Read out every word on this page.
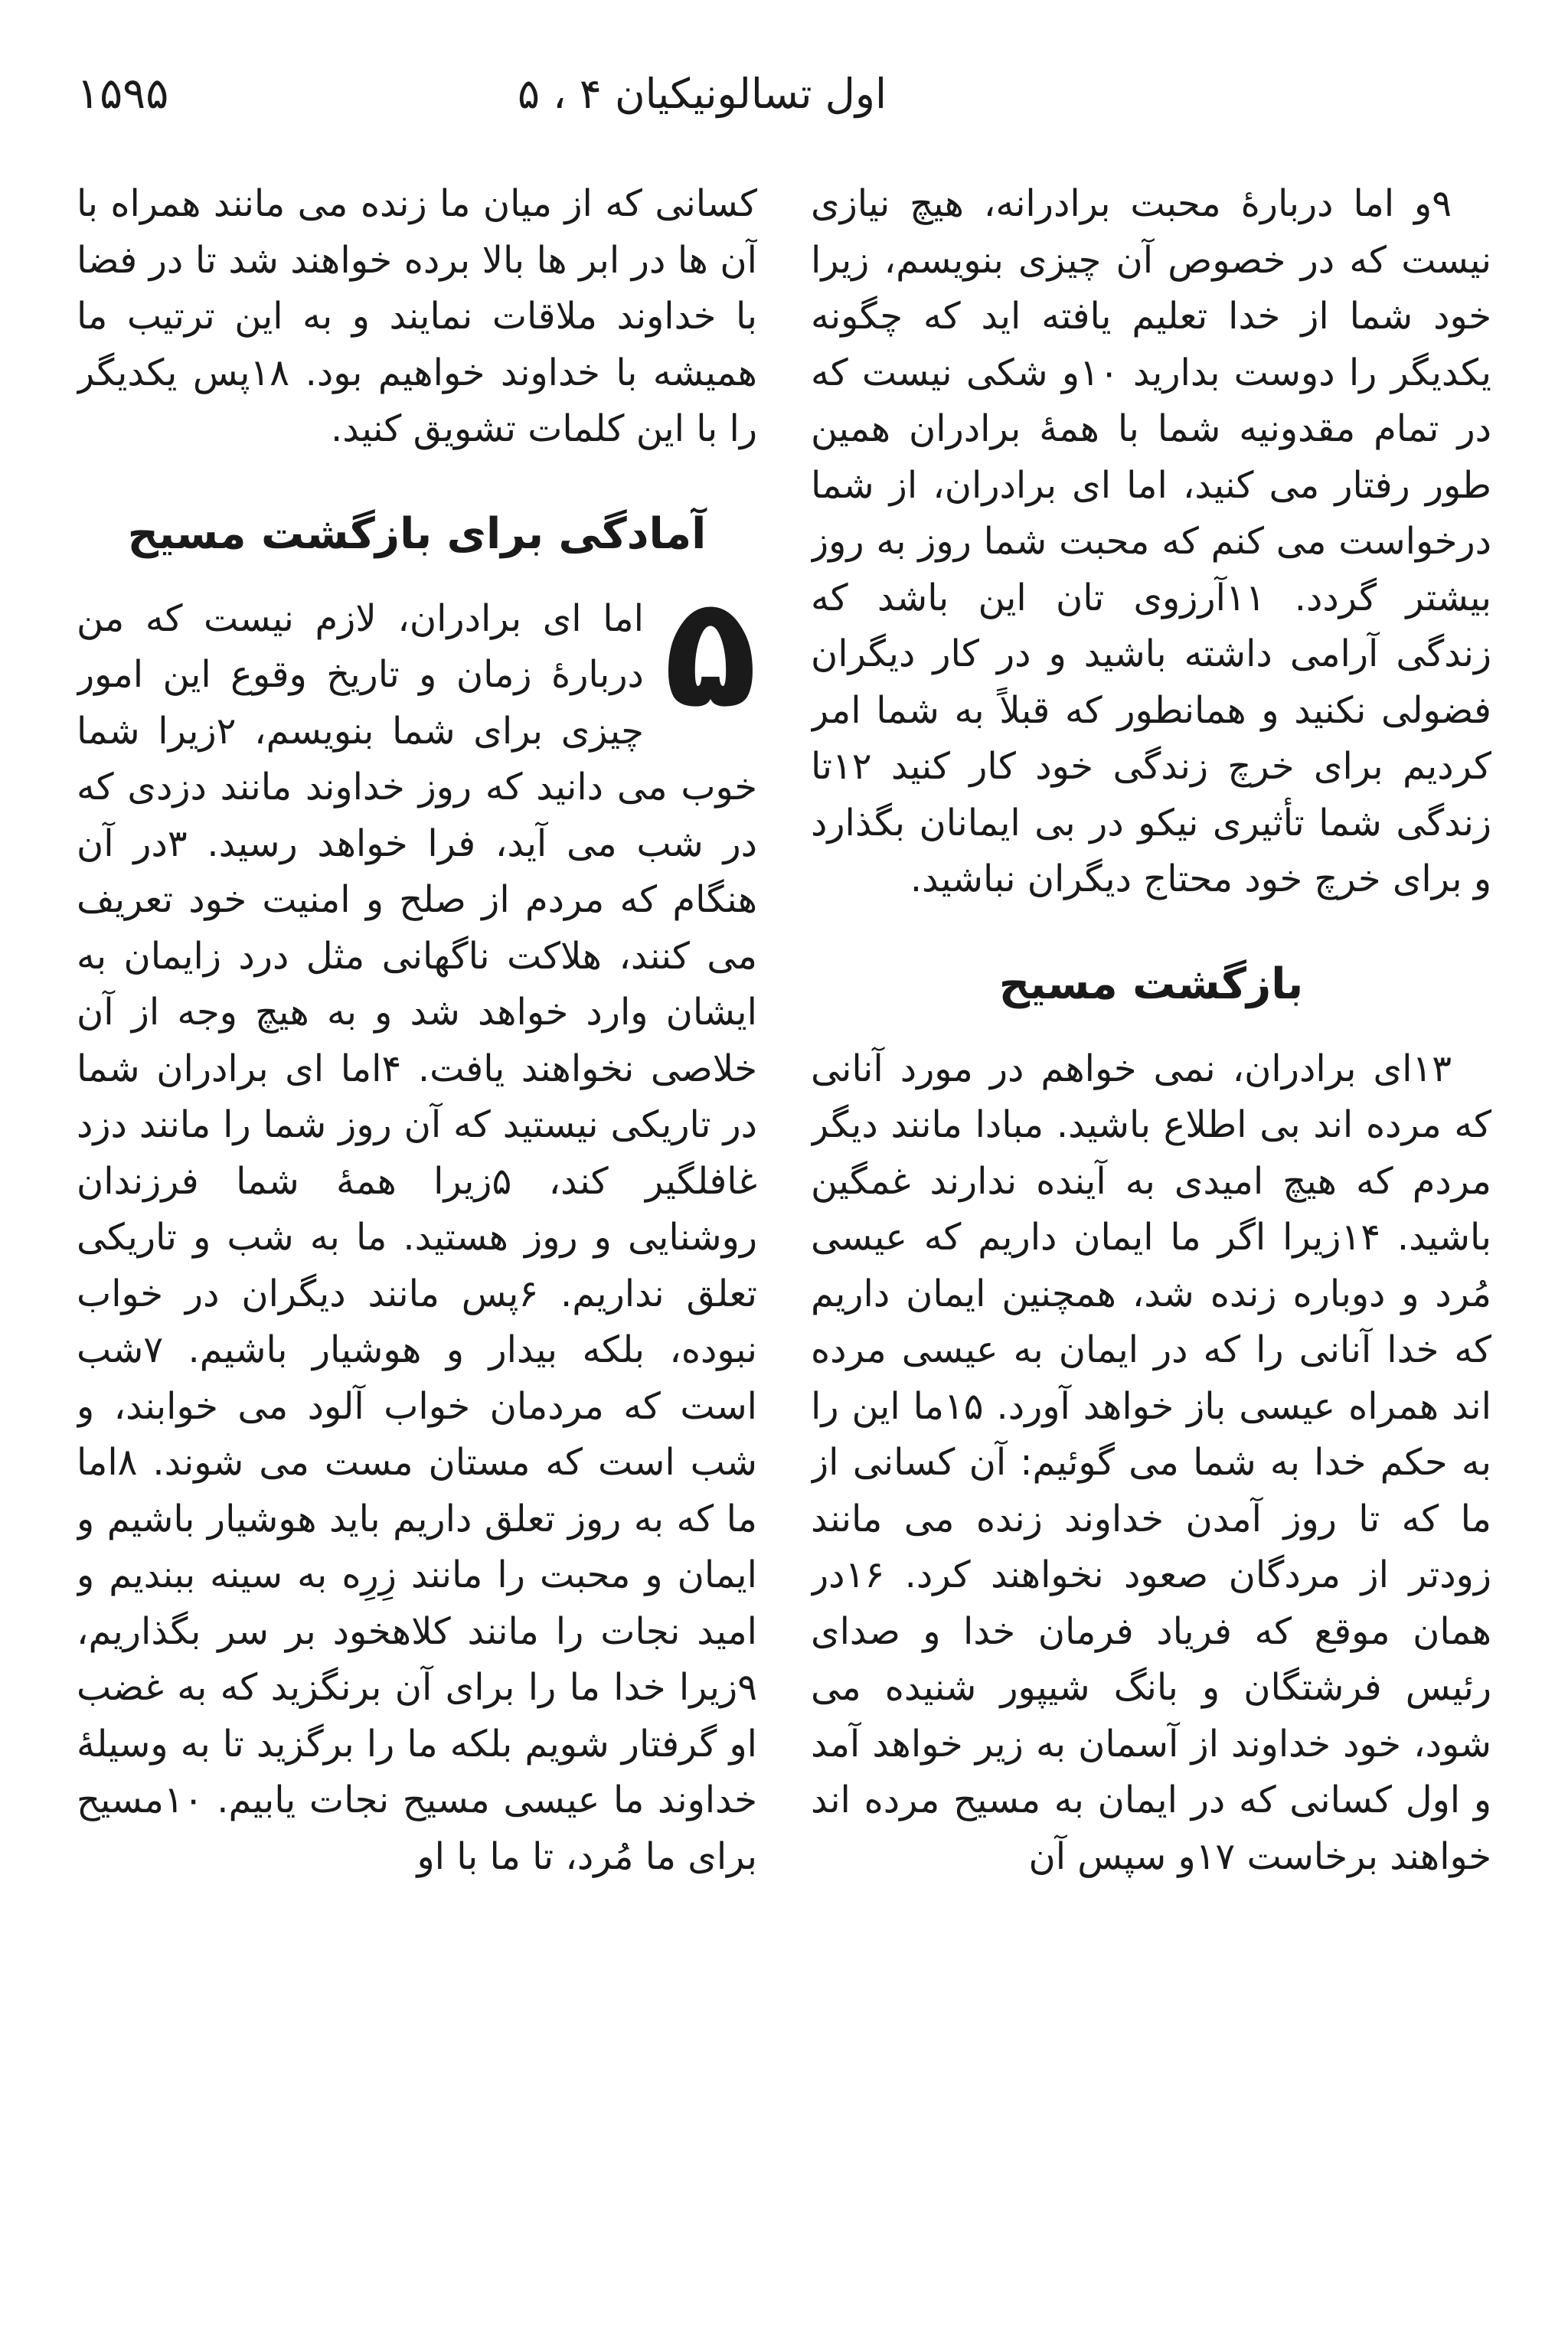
اول تسالونیکیان ۴ ، ۵
۱۵۹۵

۹و اما دربارهٔ محبت برادرانه، هیچ نیازی نیست که در خصوص آن چیزی بنویسم، زیرا خود شما از خدا تعلیم یافته اید که چگونه یکدیگر را دوست بدارید ۱۰و شکی نیست که در تمام مقدونیه شما با همهٔ برادران همین طور رفتار می کنید، اما ای برادران، از شما درخواست می کنم که محبت شما روز به روز بیشتر گردد. ۱۱آرزوی تان این باشد که زندگی آرامی داشته باشید و در کار دیگران فضولی نکنید و همانطور که قبلاً به شما امر کردیم برای خرچ زندگی خود کار کنید ۱۲تا زندگی شما تأثیری نیکو در بی ایمانان بگذارد و برای خرچ خود محتاج دیگران نباشید.

بازگشت مسیح

۱۳ای برادران، نمی خواهم در مورد آنانی که مرده اند بی اطلاع باشید. مبادا مانند دیگر مردم که هیچ امیدی به آینده ندارند غمگین باشید. ۱۴زیرا اگر ما ایمان داریم که عیسی مُرد و دوباره زنده شد، همچنین ایمان داریم که خدا آنانی را که در ایمان به عیسی مرده اند همراه عیسی باز خواهد آورد. ۱۵ما این را به حکم خدا به شما می گوئیم: آن کسانی از ما که تا روز آمدن خداوند زنده می مانند زودتر از مردگان صعود نخواهند کرد. ۱۶در همان موقع که فریاد فرمان خدا و صدای رئیس فرشتگان و بانگ شیپور شنیده می شود، خود خداوند از آسمان به زیر خواهد آمد و اول کسانی که در ایمان به مسیح مرده اند خواهند برخاست ۱۷و سپس آن

کسانی که از میان ما زنده می مانند همراه با آن ها در ابر ها بالا برده خواهند شد تا در فضا با خداوند ملاقات نمایند و به این ترتیب ما همیشه با خداوند خواهیم بود. ۱۸پس یکدیگر را با این کلمات تشویق کنید.

آمادگی برای بازگشت مسیح

۵
اما ای برادران، لازم نیست که من دربارهٔ زمان و تاریخ وقوع این امور چیزی برای شما بنویسم، ۲زیرا شما خوب می دانید که روز خداوند مانند دزدی که در شب می آید، فرا خواهد رسید. ۳در آن هنگام که مردم از صلح و امنیت خود تعریف می کنند، هلاکت ناگهانی مثل درد زایمان به ایشان وارد خواهد شد و به هیچ وجه از آن خلاصی نخواهند یافت. ۴اما ای برادران شما در تاریکی نیستید که آن روز شما را مانند دزد غافلگیر کند، ۵زیرا همهٔ شما فرزندان روشنایی و روز هستید. ما به شب و تاریکی تعلق نداریم. ۶پس مانند دیگران در خواب نبوده، بلکه بیدار و هوشیار باشیم. ۷شب است که مردمان خواب آلود می خوابند، و شب است که مستان مست می شوند. ۸اما ما که به روز تعلق داریم باید هوشیار باشیم و ایمان و محبت را مانند زِرِه به سینه ببندیم و امید نجات را مانند کلاهخود بر سر بگذاریم، ۹زیرا خدا ما را برای آن برنگزید که به غضب او گرفتار شویم بلکه ما را برگزید تا به وسیلهٔ خداوند ما عیسی مسیح نجات یابیم. ۱۰مسیح برای ما مُرد، تا ما با او
